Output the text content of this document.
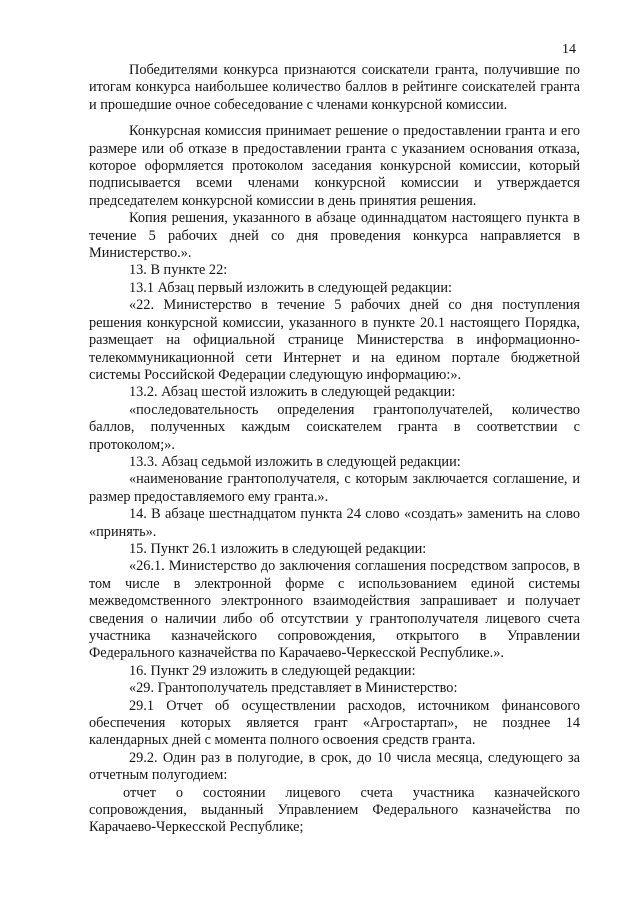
14

Победителями конкурса признаются соискатели гранта, получившие по итогам конкурса наибольшее количество баллов в рейтинге соискателей гранта и прошедшие очное собеседование с членами конкурсной комиссии.

Конкурсная комиссия принимает решение о предоставлении гранта и его размере или об отказе в предоставлении гранта с указанием основания отказа, которое оформляется протоколом заседания конкурсной комиссии, который подписывается всеми членами конкурсной комиссии и утверждается председателем конкурсной комиссии в день принятия решения.

Копия решения, указанного в абзаце одиннадцатом настоящего пункта в течение 5 рабочих дней со дня проведения конкурса направляется в Министерство.».

13. В пункте 22:

13.1 Абзац первый изложить в следующей редакции:

«22. Министерство в течение 5 рабочих дней со дня поступления решения конкурсной комиссии, указанного в пункте 20.1 настоящего Порядка, размещает на официальной странице Министерства в информационно-телекоммуникационной сети Интернет и на едином портале бюджетной системы Российской Федерации следующую информацию:».

13.2. Абзац шестой изложить в следующей редакции:

«последовательность определения грантополучателей, количество баллов, полученных каждым соискателем гранта в соответствии с протоколом;».

13.3. Абзац седьмой изложить в следующей редакции:

«наименование грантополучателя, с которым заключается соглашение, и размер предоставляемого ему гранта.».

14. В абзаце шестнадцатом пункта 24 слово «создать» заменить на слово «принять».

15. Пункт 26.1 изложить в следующей редакции:

«26.1. Министерство до заключения соглашения посредством запросов, в том числе в электронной форме с использованием единой системы межведомственного электронного взаимодействия запрашивает и получает сведения о наличии либо об отсутствии у грантополучателя лицевого счета участника казначейского сопровождения, открытого в Управлении Федерального казначейства по Карачаево-Черкесской Республике.».

16. Пункт 29 изложить в следующей редакции:

«29. Грантополучатель представляет в Министерство:

29.1 Отчет об осуществлении расходов, источником финансового обеспечения которых является грант «Агростартап», не позднее 14 календарных дней с момента полного освоения средств гранта.

29.2. Один раз в полугодие, в срок, до 10 числа месяца, следующего за отчетным полугодием:

отчет о состоянии лицевого счета участника казначейского сопровождения, выданный Управлением Федерального казначейства по Карачаево-Черкесской Республике;
